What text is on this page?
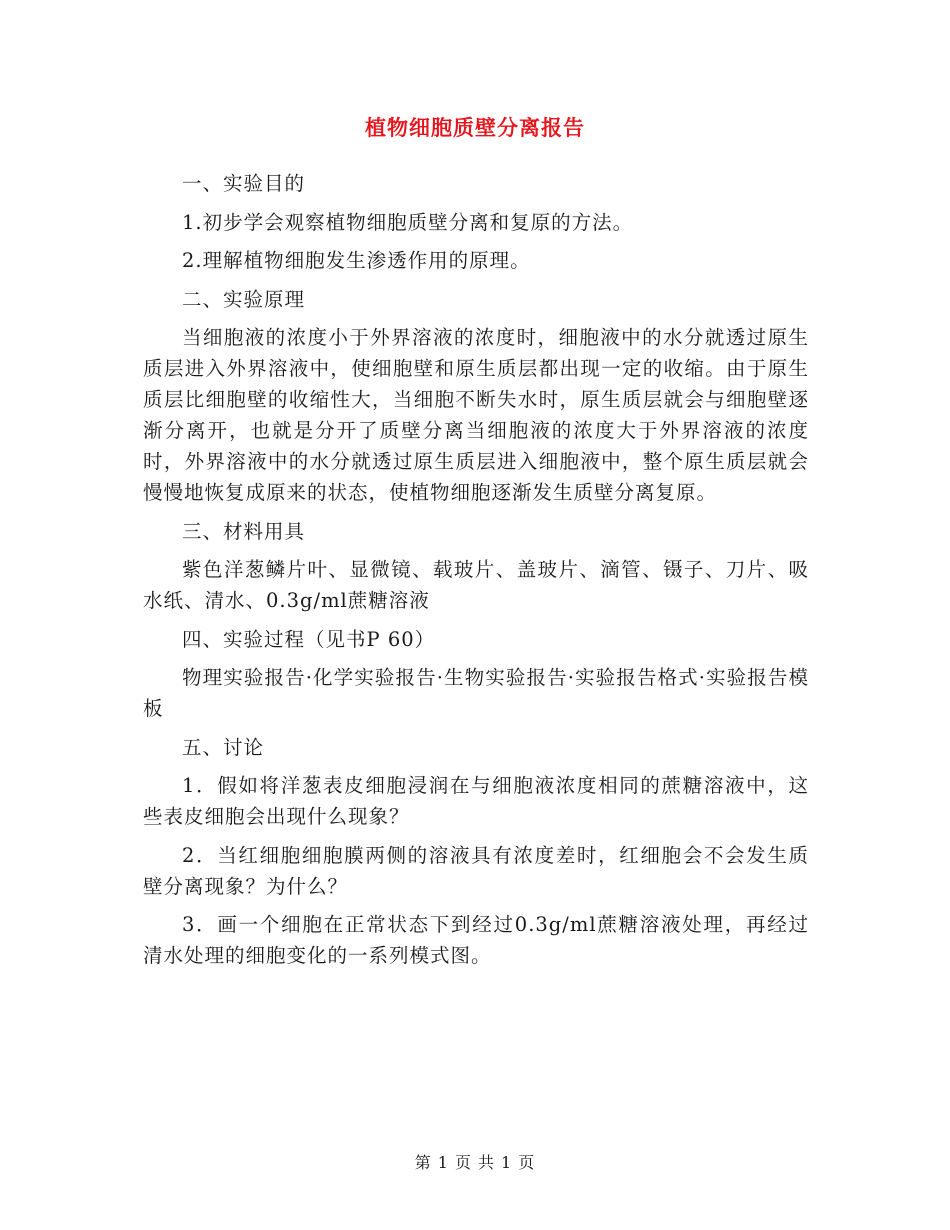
植物细胞质壁分离报告

一、实验目的

1.初步学会观察植物细胞质壁分离和复原的方法。

2.理解植物细胞发生渗透作用的原理。

二、实验原理

当细胞液的浓度小于外界溶液的浓度时，细胞液中的水分就透过原生质层进入外界溶液中，使细胞壁和原生质层都出现一定的收缩。由于原生质层比细胞壁的收缩性大，当细胞不断失水时，原生质层就会与细胞壁逐渐分离开，也就是分开了质壁分离当细胞液的浓度大于外界溶液的浓度时，外界溶液中的水分就透过原生质层进入细胞液中，整个原生质层就会慢慢地恢复成原来的状态，使植物细胞逐渐发生质壁分离复原。

三、材料用具

紫色洋葱鳞片叶、显微镜、载玻片、盖玻片、滴管、镊子、刀片、吸水纸、清水、0.3g/ml蔗糖溶液

四、实验过程（见书P 60）

物理实验报告·化学实验报告·生物实验报告·实验报告格式·实验报告模板

五、讨论

1．假如将洋葱表皮细胞浸润在与细胞液浓度相同的蔗糖溶液中，这些表皮细胞会出现什么现象？

2．当红细胞细胞膜两侧的溶液具有浓度差时，红细胞会不会发生质壁分离现象？为什么？

3．画一个细胞在正常状态下到经过0.3g/ml蔗糖溶液处理，再经过清水处理的细胞变化的一系列模式图。

第 1 页 共 1 页
